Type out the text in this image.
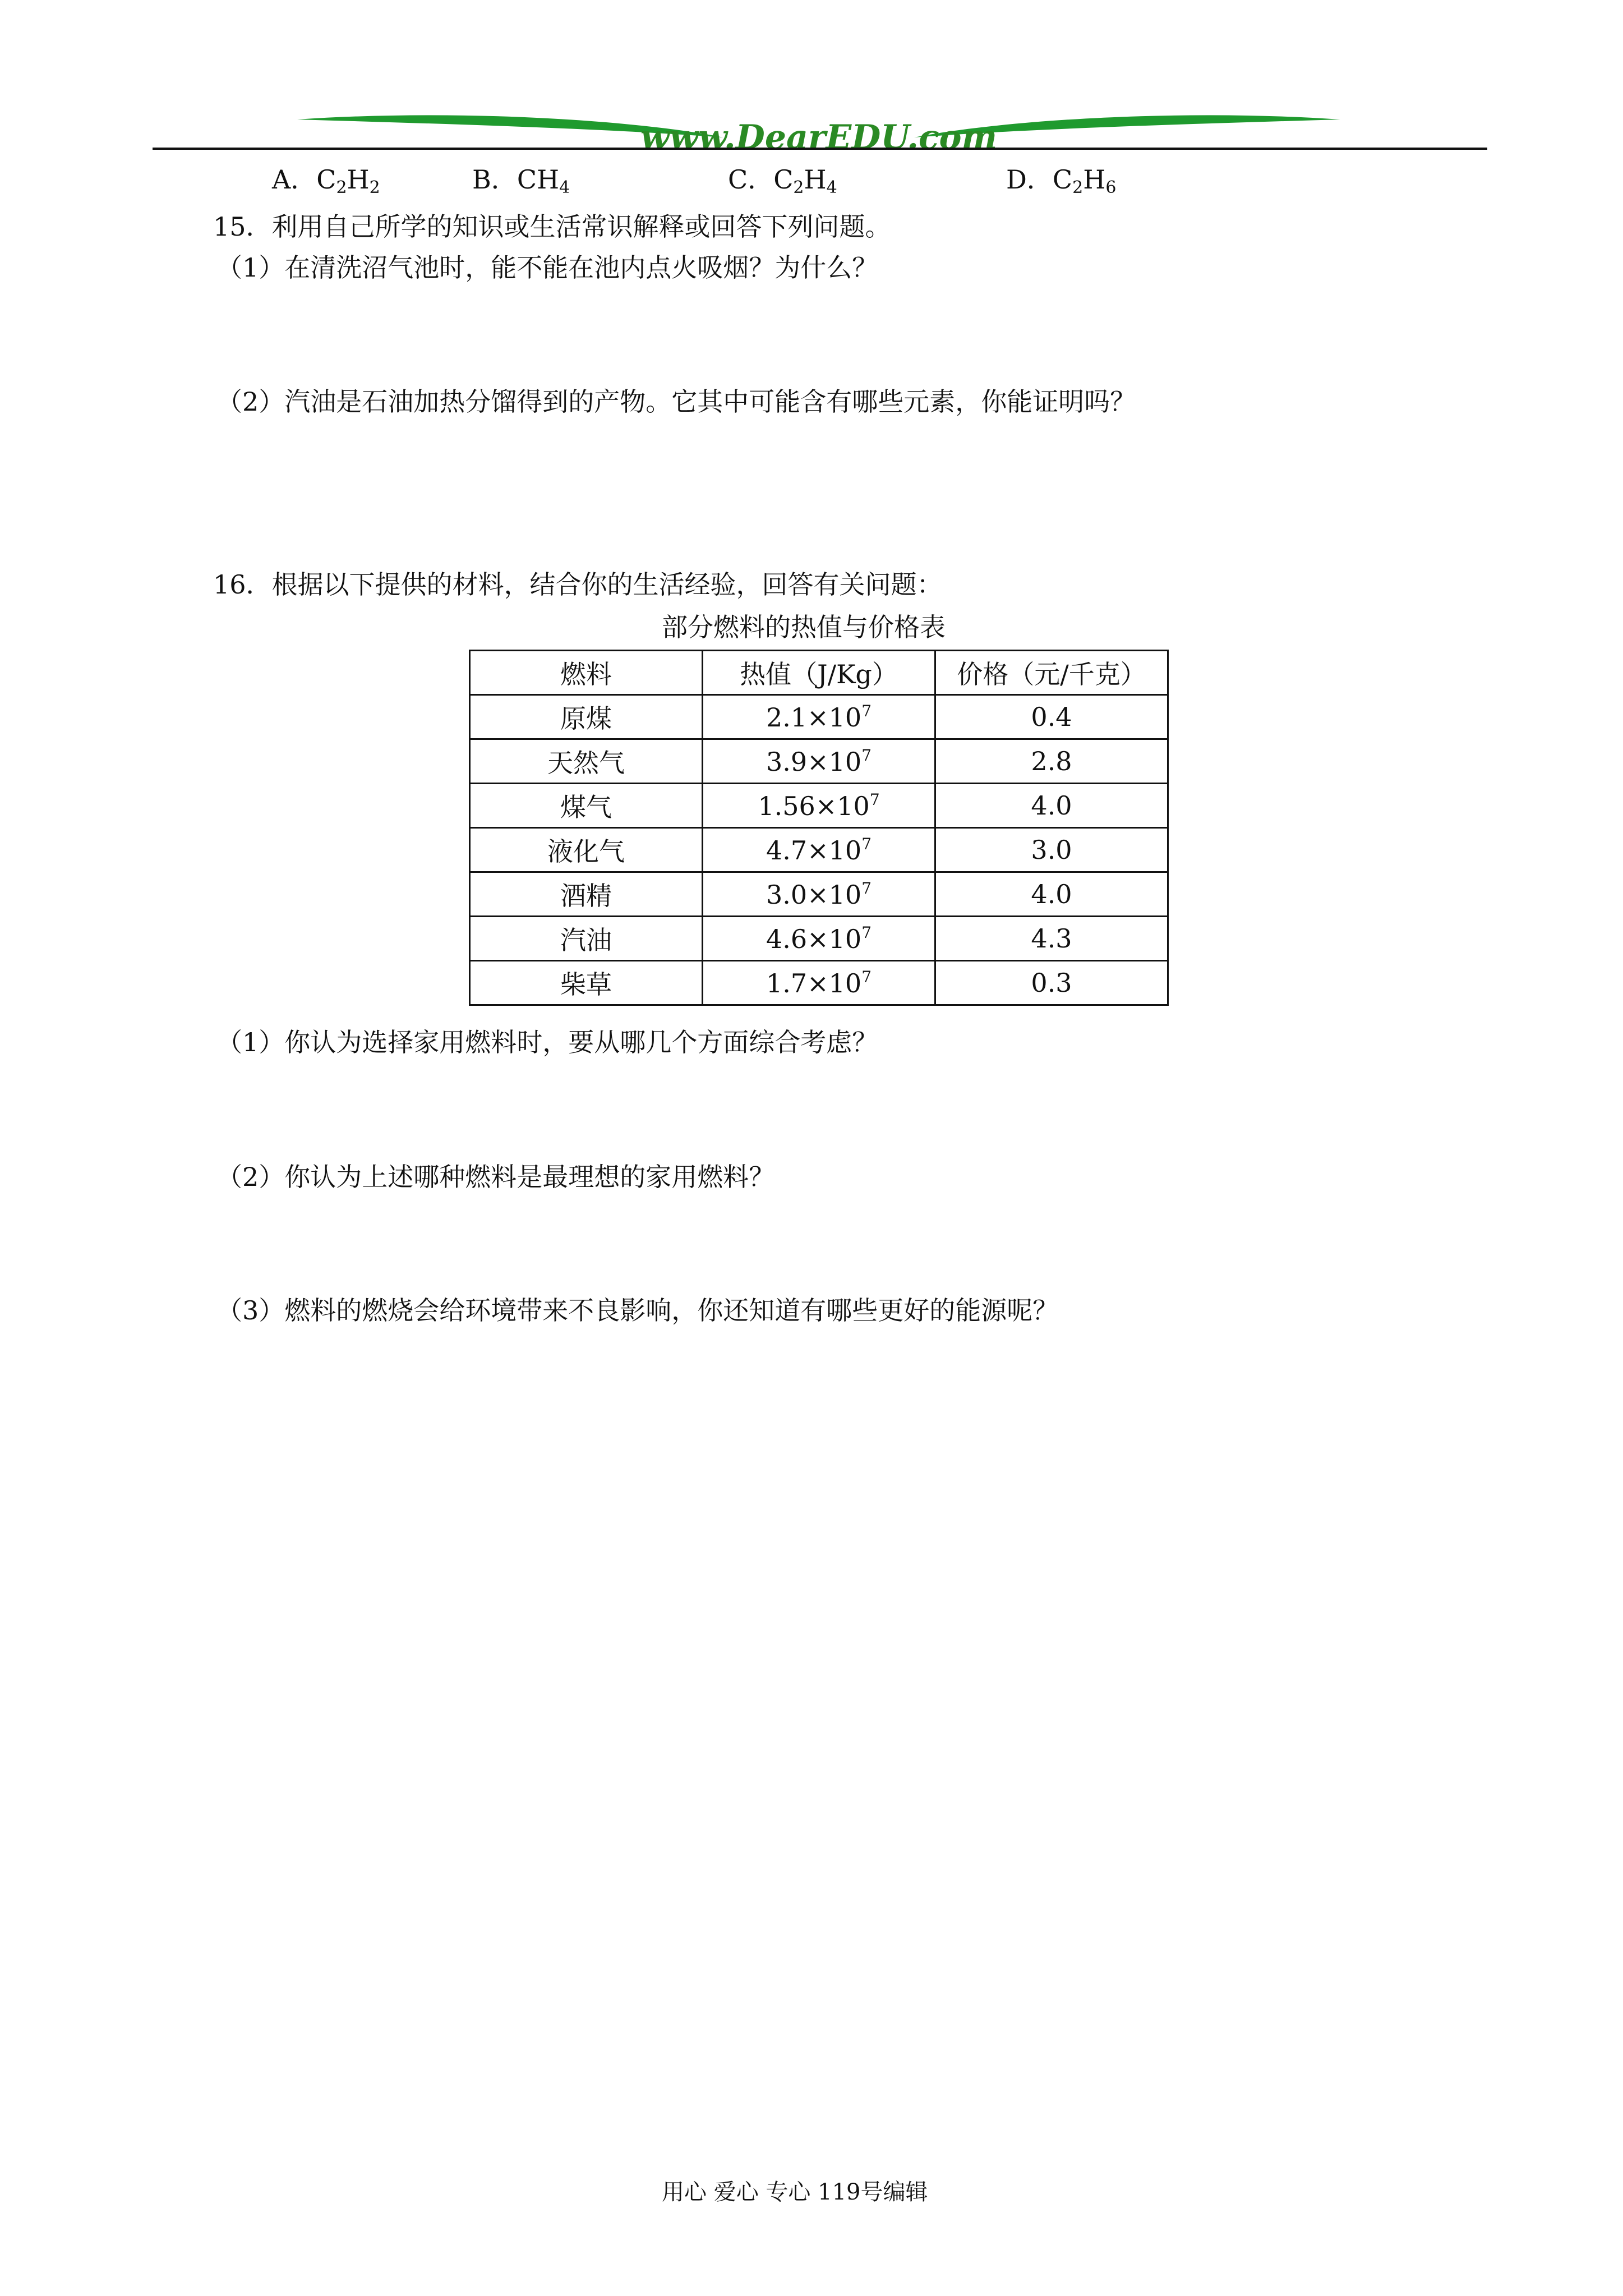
www.DearEDU.com
A．$C_2H_2$	B．$CH_4$	C．$C_2H_4$	D．$C_2H_6$
15．利用自己所学的知识或生活常识解释或回答下列问题。
（1）在清洗沼气池时，能不能在池内点火吸烟？为什么？
（2）汽油是石油加热分馏得到的产物。它其中可能含有哪些元素，你能证明吗？
16．根据以下提供的材料，结合你的生活经验，回答有关问题：
部分燃料的热值与价格表
燃料	热值（J/Kg）	价格（元/千克）
原煤	$2.1\times 10^7$	0.4
天然气	$3.9\times 10^7$	2.8
煤气	$1.56\times 10^7$	4.0
液化气	$4.7\times 10^7$	3.0
酒精	$3.0\times 10^7$	4.0
汽油	$4.6\times 10^7$	4.3
柴草	$1.7\times 10^7$	0.3
（1）你认为选择家用燃料时，要从哪几个方面综合考虑？
（2）你认为上述哪种燃料是最理想的家用燃料？
（3）燃料的燃烧会给环境带来不良影响，你还知道有哪些更好的能源呢？
用心 爱心 专心 119号编辑
